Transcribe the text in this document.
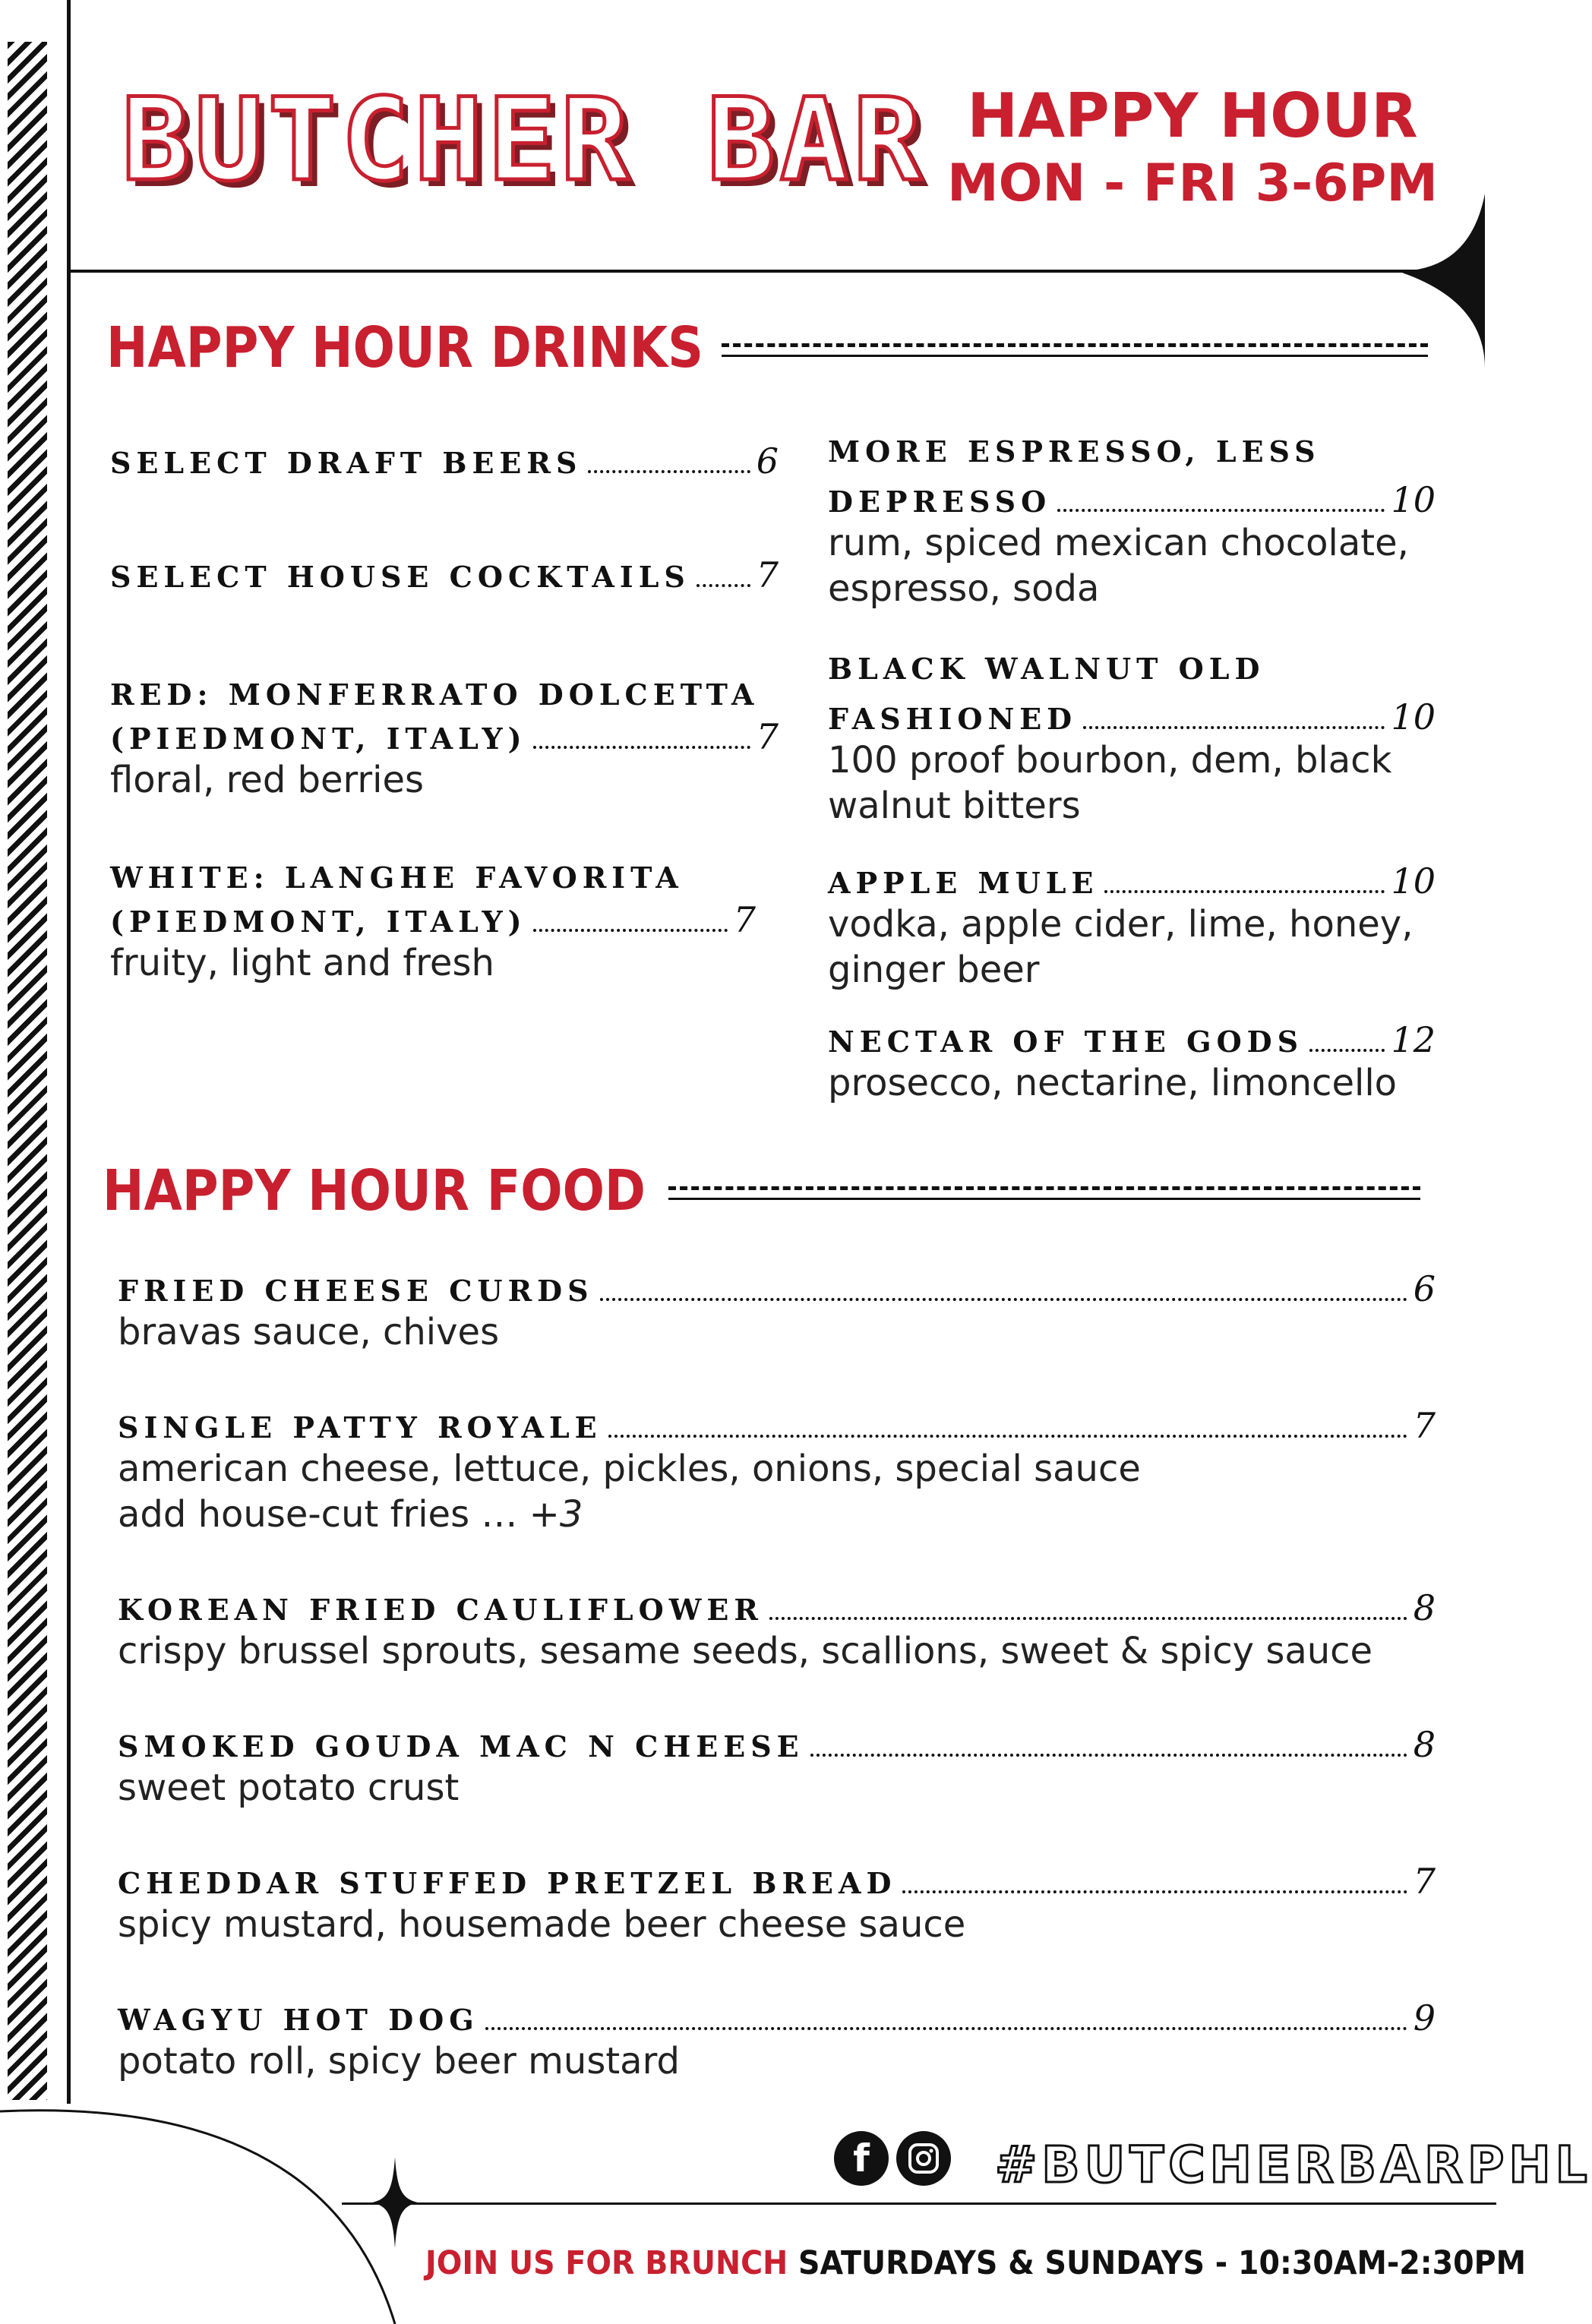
BUTCHER BAR HAPPY HOUR
MON - FRI 3-6PM
HAPPY HOUR DRINKS
SELECT DRAFT BEERS	6
SELECT HOUSE COCKTAILS 7
RED: MONFERRATO DOLCETTA
(PIEDMONT, ITALY)	7
floral, red berries
WHITE: LANGHE FAVORITA
(PIEDMONT, ITALY)	7
fruity, light and fresh
MORE ESPRESSO, LESS
DEPRESSO	10
rum, spiced mexican chocolate,
espresso, soda
BLACK WALNUT OLD
FASHIONED	10
100 proof bourbon, dem, black
walnut bitters
APPLE MULE	10
vodka, apple cider, lime, honey,
ginger beer
NECTAR OF THE GODS	12
prosecco, nectarine, limoncello
HAPPY HOUR FOOD
FRIED CHEESE CURDS	6
bravas sauce, chives
SINGLE PATTY ROYALE	7
american cheese, lettuce, pickles, onions, special sauce
add house-cut fries … +3
KOREAN FRIED CAULIFLOWER	8
crispy brussel sprouts, sesame seeds, scallions, sweet & spicy sauce
SMOKED GOUDA MAC N CHEESE	8
sweet potato crust
CHEDDAR STUFFED PRETZEL BREAD	7
spicy mustard, housemade beer cheese sauce
WAGYU HOT DOG	9
potato roll, spicy beer mustard
f	#BUTCHERBARPHL
JOIN US FOR BRUNCH SATURDAYS & SUNDAYS - 10:30AM-2:30PM
